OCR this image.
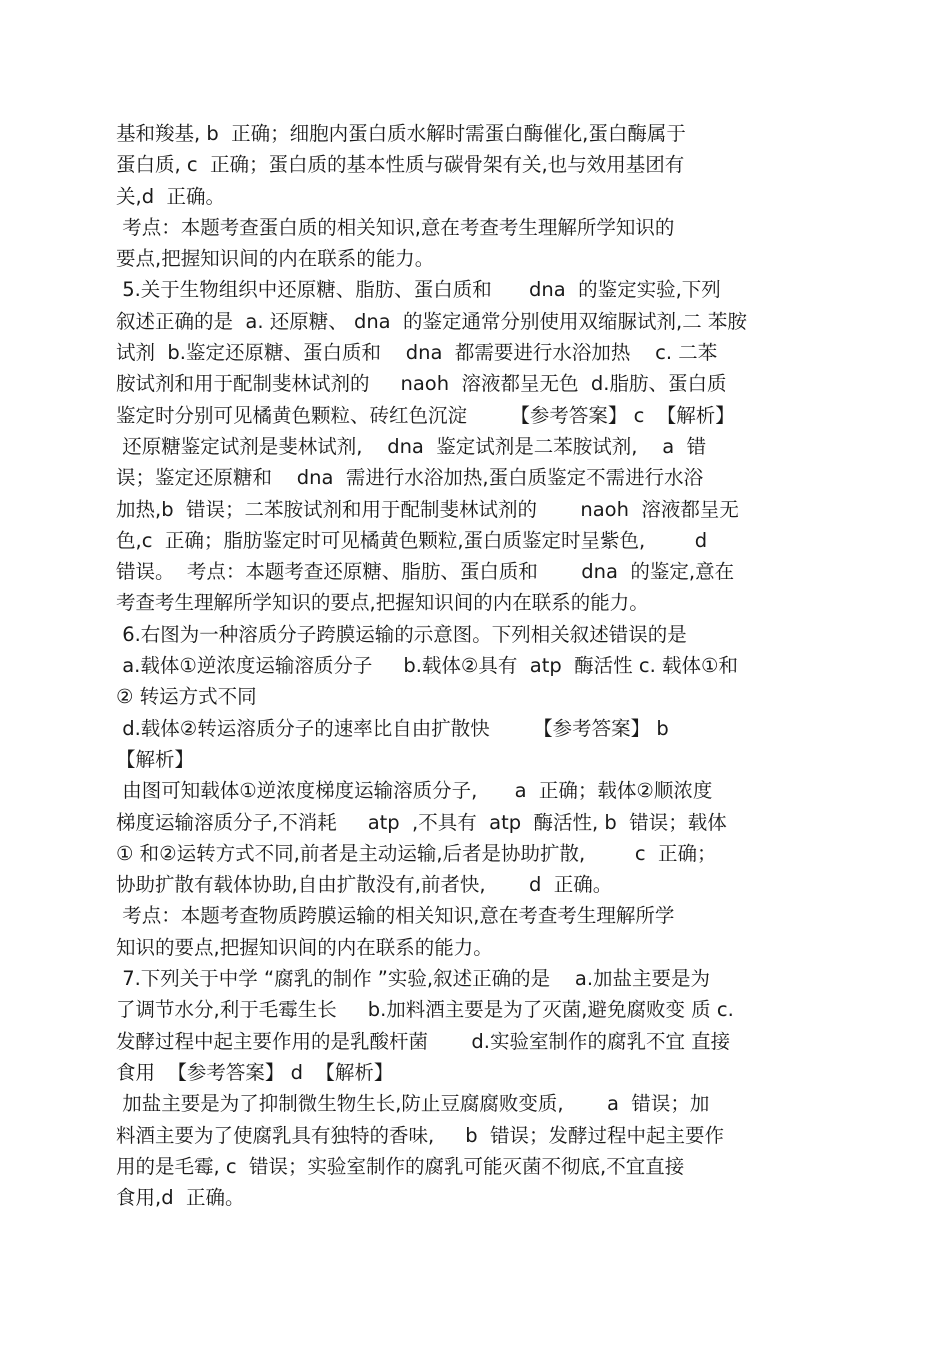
基和羧基, b  正确；细胞内蛋白质水解时需蛋白酶催化,蛋白酶属于
蛋白质, c  正确；蛋白质的基本性质与碳骨架有关,也与效用基团有
关,d  正确。
考点：本题考查蛋白质的相关知识,意在考查考生理解所学知识的
要点,把握知识间的内在联系的能力。
5.关于生物组织中还原糖、脂肪、蛋白质和      dna  的鉴定实验,下列
叙述正确的是  a. 还原糖、 dna  的鉴定通常分别使用双缩脲试剂,二 苯胺
试剂  b.鉴定还原糖、蛋白质和    dna  都需要进行水浴加热    c. 二苯
胺试剂和用于配制斐林试剂的     naoh  溶液都呈无色  d.脂肪、蛋白质
鉴定时分别可见橘黄色颗粒、砖红色沉淀       【参考答案】 c  【解析】
还原糖鉴定试剂是斐林试剂,    dna  鉴定试剂是二苯胺试剂,    a  错
误；鉴定还原糖和    dna  需进行水浴加热,蛋白质鉴定不需进行水浴
加热,b  错误；二苯胺试剂和用于配制斐林试剂的       naoh  溶液都呈无
色,c  正确；脂肪鉴定时可见橘黄色颗粒,蛋白质鉴定时呈紫色,        d
错误。  考点：本题考查还原糖、脂肪、蛋白质和       dna  的鉴定,意在
考查考生理解所学知识的要点,把握知识间的内在联系的能力。
6.右图为一种溶质分子跨膜运输的示意图。下列相关叙述错误的是
a.载体①逆浓度运输溶质分子     b.载体②具有  atp  酶活性 c. 载体①和
② 转运方式不同
d.载体②转运溶质分子的速率比自由扩散快       【参考答案】 b
【解析】
由图可知载体①逆浓度梯度运输溶质分子,      a  正确；载体②顺浓度
梯度运输溶质分子,不消耗     atp  ,不具有  atp  酶活性, b  错误；载体
① 和②运转方式不同,前者是主动运输,后者是协助扩散,        c  正确；
协助扩散有载体协助,自由扩散没有,前者快,       d  正确。
考点：本题考查物质跨膜运输的相关知识,意在考查考生理解所学
知识的要点,把握知识间的内在联系的能力。
7.下列关于中学 “腐乳的制作 ”实验,叙述正确的是    a.加盐主要是为
了调节水分,利于毛霉生长     b.加料酒主要是为了灭菌,避免腐败变 质 c.
发酵过程中起主要作用的是乳酸杆菌       d.实验室制作的腐乳不宜 直接
食用  【参考答案】 d  【解析】
加盐主要是为了抑制微生物生长,防止豆腐腐败变质,       a  错误；加
料酒主要为了使腐乳具有独特的香味,     b  错误；发酵过程中起主要作
用的是毛霉, c  错误；实验室制作的腐乳可能灭菌不彻底,不宜直接
食用,d  正确。
